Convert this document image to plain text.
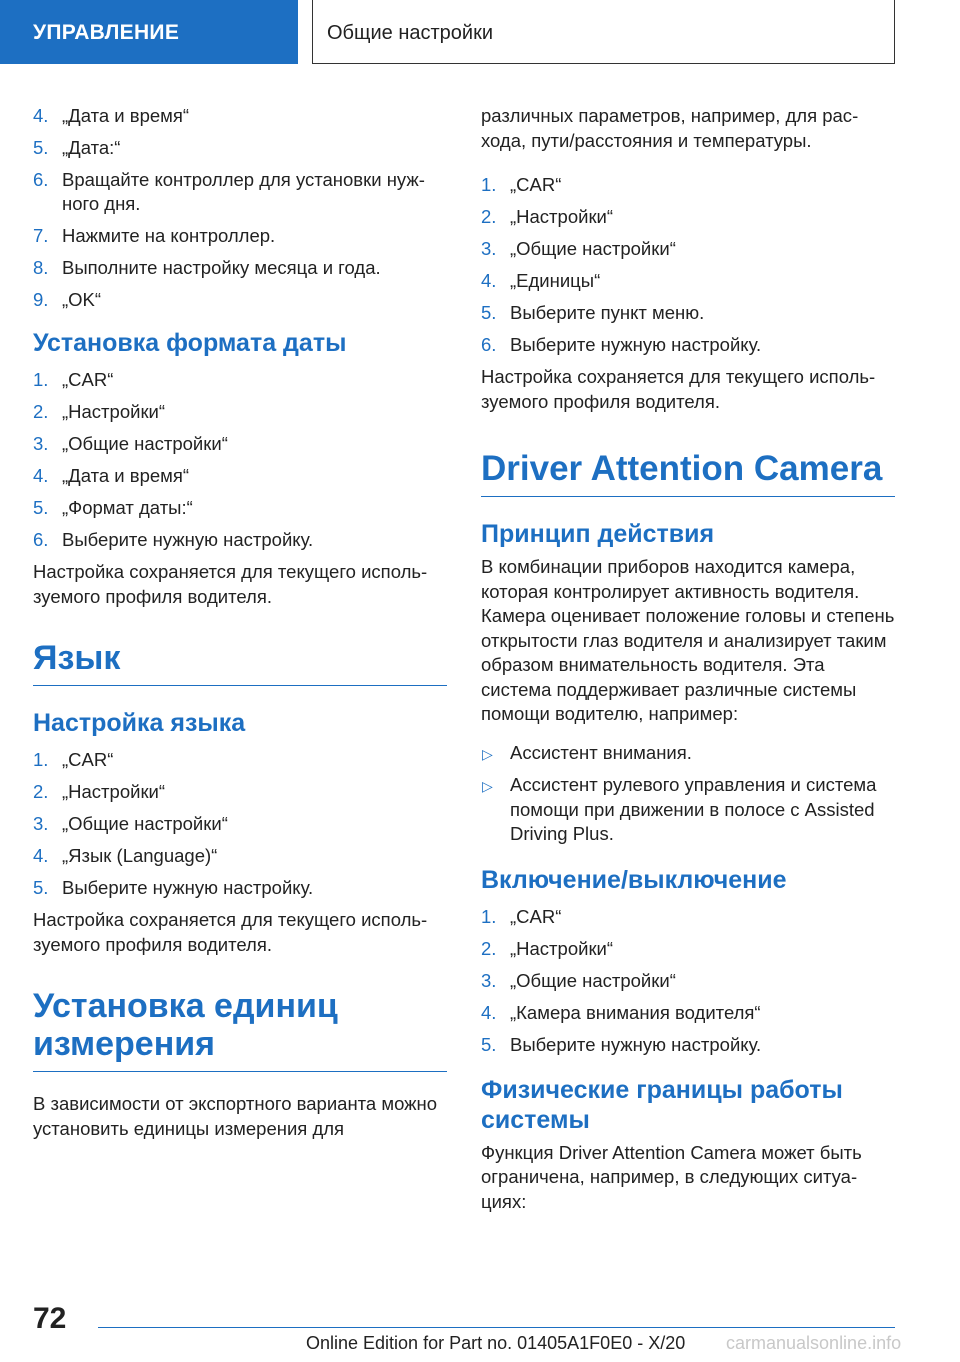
УПРАВЛЕНИЕ	Общие настройки
4. „Дата и время“
5. „Дата:“
6. Вращайте контроллер для установки нужного дня.
7. Нажмите на контроллер.
8. Выполните настройку месяца и года.
9. „OK“
Установка формата даты
1. „CAR“
2. „Настройки“
3. „Общие настройки“
4. „Дата и время“
5. „Формат даты:“
6. Выберите нужную настройку.

Настройка сохраняется для текущего используемого профиля водителя.

Язык
Настройка языка
1. „CAR“
2. „Настройки“
3. „Общие настройки“
4. „Язык (Language)“
5. Выберите нужную настройку.

Настройка сохраняется для текущего используемого профиля водителя.

Установка единиц измерения

В зависимости от экспортного варианта можно установить единицы измерения для

различных параметров, например, для расхода, пути/расстояния и температуры.

1. „CAR“
2. „Настройки“
3. „Общие настройки“
4. „Единицы“
5. Выберите пункт меню.
6. Выберите нужную настройку.

Настройка сохраняется для текущего используемого профиля водителя.

Driver Attention Camera
Принцип действия

В комбинации приборов находится камера, которая контролирует активность водителя. Камера оценивает положение головы и степень открытости глаз водителя и анализирует таким образом внимательность водителя. Эта система поддерживает различные системы помощи водителю, например:

▷ Ассистент внимания.
▷ Ассистент рулевого управления и система помощи при движении в полосе с Assisted Driving Plus.
Включение/выключение
1. „CAR“
2. „Настройки“
3. „Общие настройки“
4. „Камера внимания водителя“
5. Выберите нужную настройку.
Физические границы работы системы

Функция Driver Attention Camera может быть ограничена, например, в следующих ситуациях:

72
Online Edition for Part no. 01405A1F0E0 - X/20 carmanualsonline.info
